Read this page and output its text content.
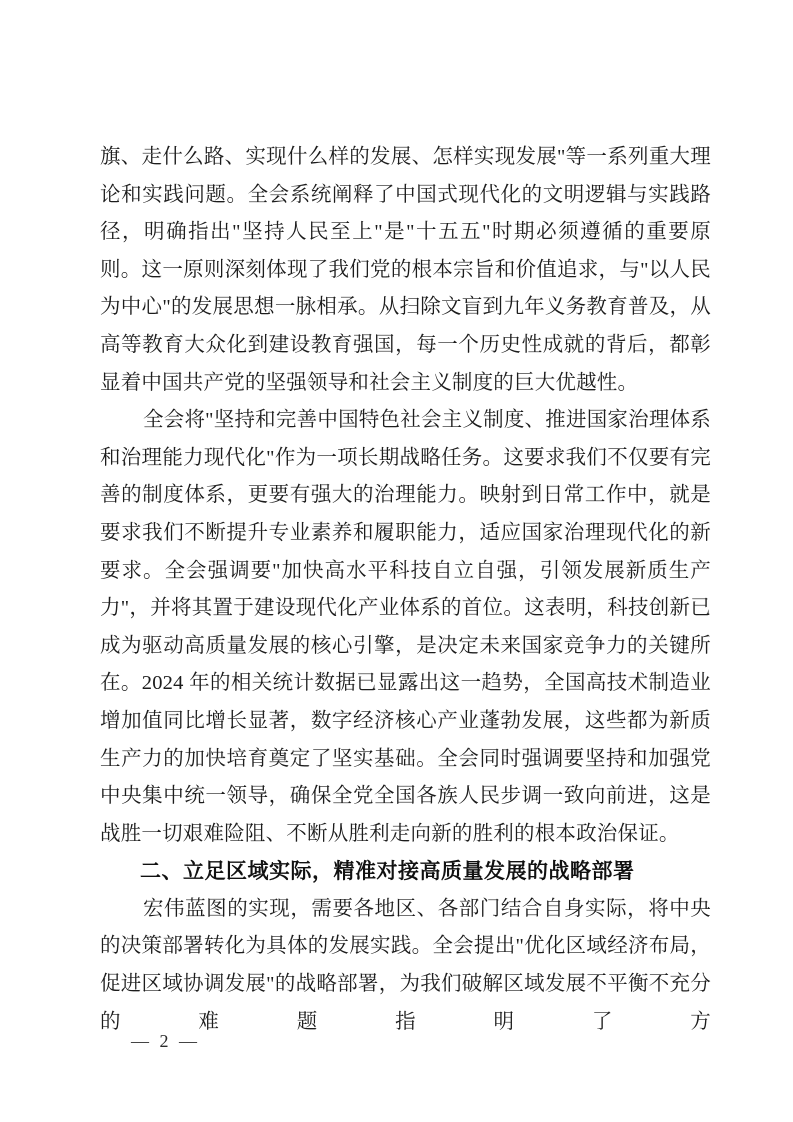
旗、走什么路、实现什么样的发展、怎样实现发展"等一系列重大理论和实践问题。全会系统阐释了中国式现代化的文明逻辑与实践路径，明确指出"坚持人民至上"是"十五五"时期必须遵循的重要原则。这一原则深刻体现了我们党的根本宗旨和价值追求，与"以人民为中心"的发展思想一脉相承。从扫除文盲到九年义务教育普及，从高等教育大众化到建设教育强国，每一个历史性成就的背后，都彰显着中国共产党的坚强领导和社会主义制度的巨大优越性。

全会将"坚持和完善中国特色社会主义制度、推进国家治理体系和治理能力现代化"作为一项长期战略任务。这要求我们不仅要有完善的制度体系，更要有强大的治理能力。映射到日常工作中，就是要求我们不断提升专业素养和履职能力，适应国家治理现代化的新要求。全会强调要"加快高水平科技自立自强，引领发展新质生产力"，并将其置于建设现代化产业体系的首位。这表明，科技创新已成为驱动高质量发展的核心引擎，是决定未来国家竞争力的关键所在。2024 年的相关统计数据已显露出这一趋势，全国高技术制造业增加值同比增长显著，数字经济核心产业蓬勃发展，这些都为新质生产力的加快培育奠定了坚实基础。全会同时强调要坚持和加强党中央集中统一领导，确保全党全国各族人民步调一致向前进，这是战胜一切艰难险阻、不断从胜利走向新的胜利的根本政治保证。

二、立足区域实际，精准对接高质量发展的战略部署

宏伟蓝图的实现，需要各地区、各部门结合自身实际，将中央的决策部署转化为具体的发展实践。全会提出"优化区域经济布局，促进区域协调发展"的战略部署，为我们破解区域发展不平衡不充分的难题指明了方

— 2 —
